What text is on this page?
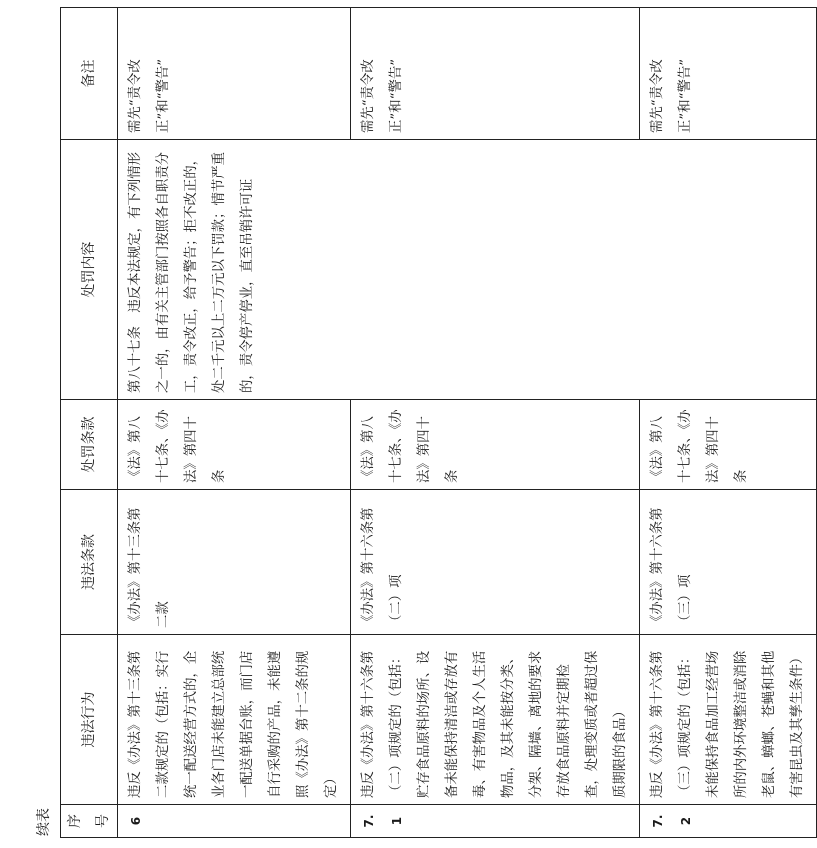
续表 序号	违法行为	违法条款	处罚条款	处罚内容	备注
6	违反《办法》第十三条第二款规定的（包括：实行统一配送经营方式的，企业各门店未能建立总部统一配送单据台账，而门店自行采购的产品，未能遵照《办法》第十二条的规定）	《办法》第十三条第二款	《法》第八十七条、《办法》第四十条	第八十七条　违反本法规定，有下列情形之一的，由有关主管部门按照各自职责分工，责令改正，给予警告；拒不改正的，处二千元以上二万元以下罚款；情节严重的，责令停产停业，直至吊销许可证	需先“责令改正”和“警告”
7.1	违反《办法》第十六条第（二）项规定的（包括：贮存食品原料的场所、设备未能保持清洁或存放有毒、有害物品及个人生活物品，及其未能按分类、分架、隔墙、离地的要求存放食品原料并定期检查，处理变质或者超过保质期限的食品）	《办法》第十六条第（二）项	《法》第八十七条、《办法》第四十条		需先“责令改正”和“警告”
7.2	违反《办法》第十六条第（三）项规定的（包括：未能保持食品加工经营场所的内外环境整洁或消除老鼠、蟑螂、苍蝇和其他有害昆虫及其孳生条件）	《办法》第十六条第（三）项	《法》第八十七条、《办法》第四十条		需先“责令改正”和“警告”
